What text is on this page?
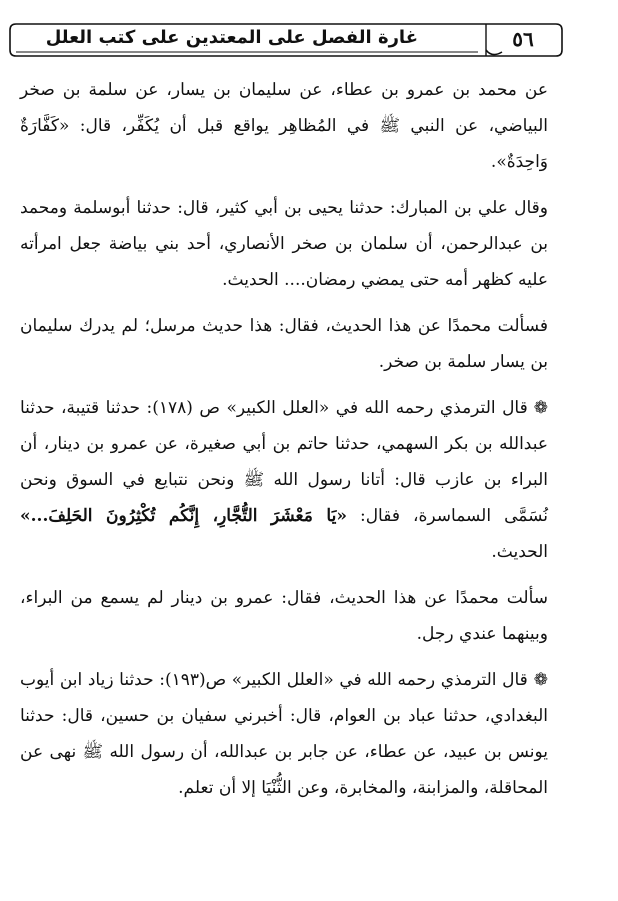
غارة الفصل على المعتدين على كتب العلل	٥٦

عن محمد بن عمرو بن عطاء، عن سليمان بن يسار، عن سلمة بن صخر البياضي، عن النبي ﷺ في المُظاهِر يواقع قبل أن يُكَفِّر، قال: «كَفَّارَةٌ وَاحِدَةٌ».

وقال علي بن المبارك: حدثنا يحيى بن أبي كثير، قال: حدثنا أبوسلمة ومحمد بن عبدالرحمن، أن سلمان بن صخر الأنصاري، أحد بني بياضة جعل امرأته عليه كظهر أمه حتى يمضي رمضان.... الحديث.

فسألت محمدًا عن هذا الحديث، فقال: هذا حديث مرسل؛ لم يدرك سليمان بن يسار سلمة بن صخر.

❁قال الترمذي رحمه الله في «العلل الكبير» ص (١٧٨): حدثنا قتيبة، حدثنا عبدالله بن بكر السهمي، حدثنا حاتم بن أبي صغيرة، عن عمرو بن دينار، أن البراء بن عازب قال: أتانا رسول الله ﷺ ونحن نتبايع في السوق ونحن نُسَمَّى السماسرة، فقال: «يَا مَعْشَرَ التُّجَّارِ، إِنَّكُم تُكْثِرُونَ الحَلِفَ...» الحديث.

سألت محمدًا عن هذا الحديث، فقال: عمرو بن دينار لم يسمع من البراء، وبينهما عندي رجل.

❁قال الترمذي رحمه الله في «العلل الكبير» ص(١٩٣): حدثنا زياد ابن أيوب البغدادي، حدثنا عباد بن العوام، قال: أخبرني سفيان بن حسين، قال: حدثنا يونس بن عبيد، عن عطاء، عن جابر بن عبدالله، أن رسول الله ﷺ نهى عن المحاقلة، والمزابنة، والمخابرة، وعن الثُّنْيَا إلا أن تعلم.
